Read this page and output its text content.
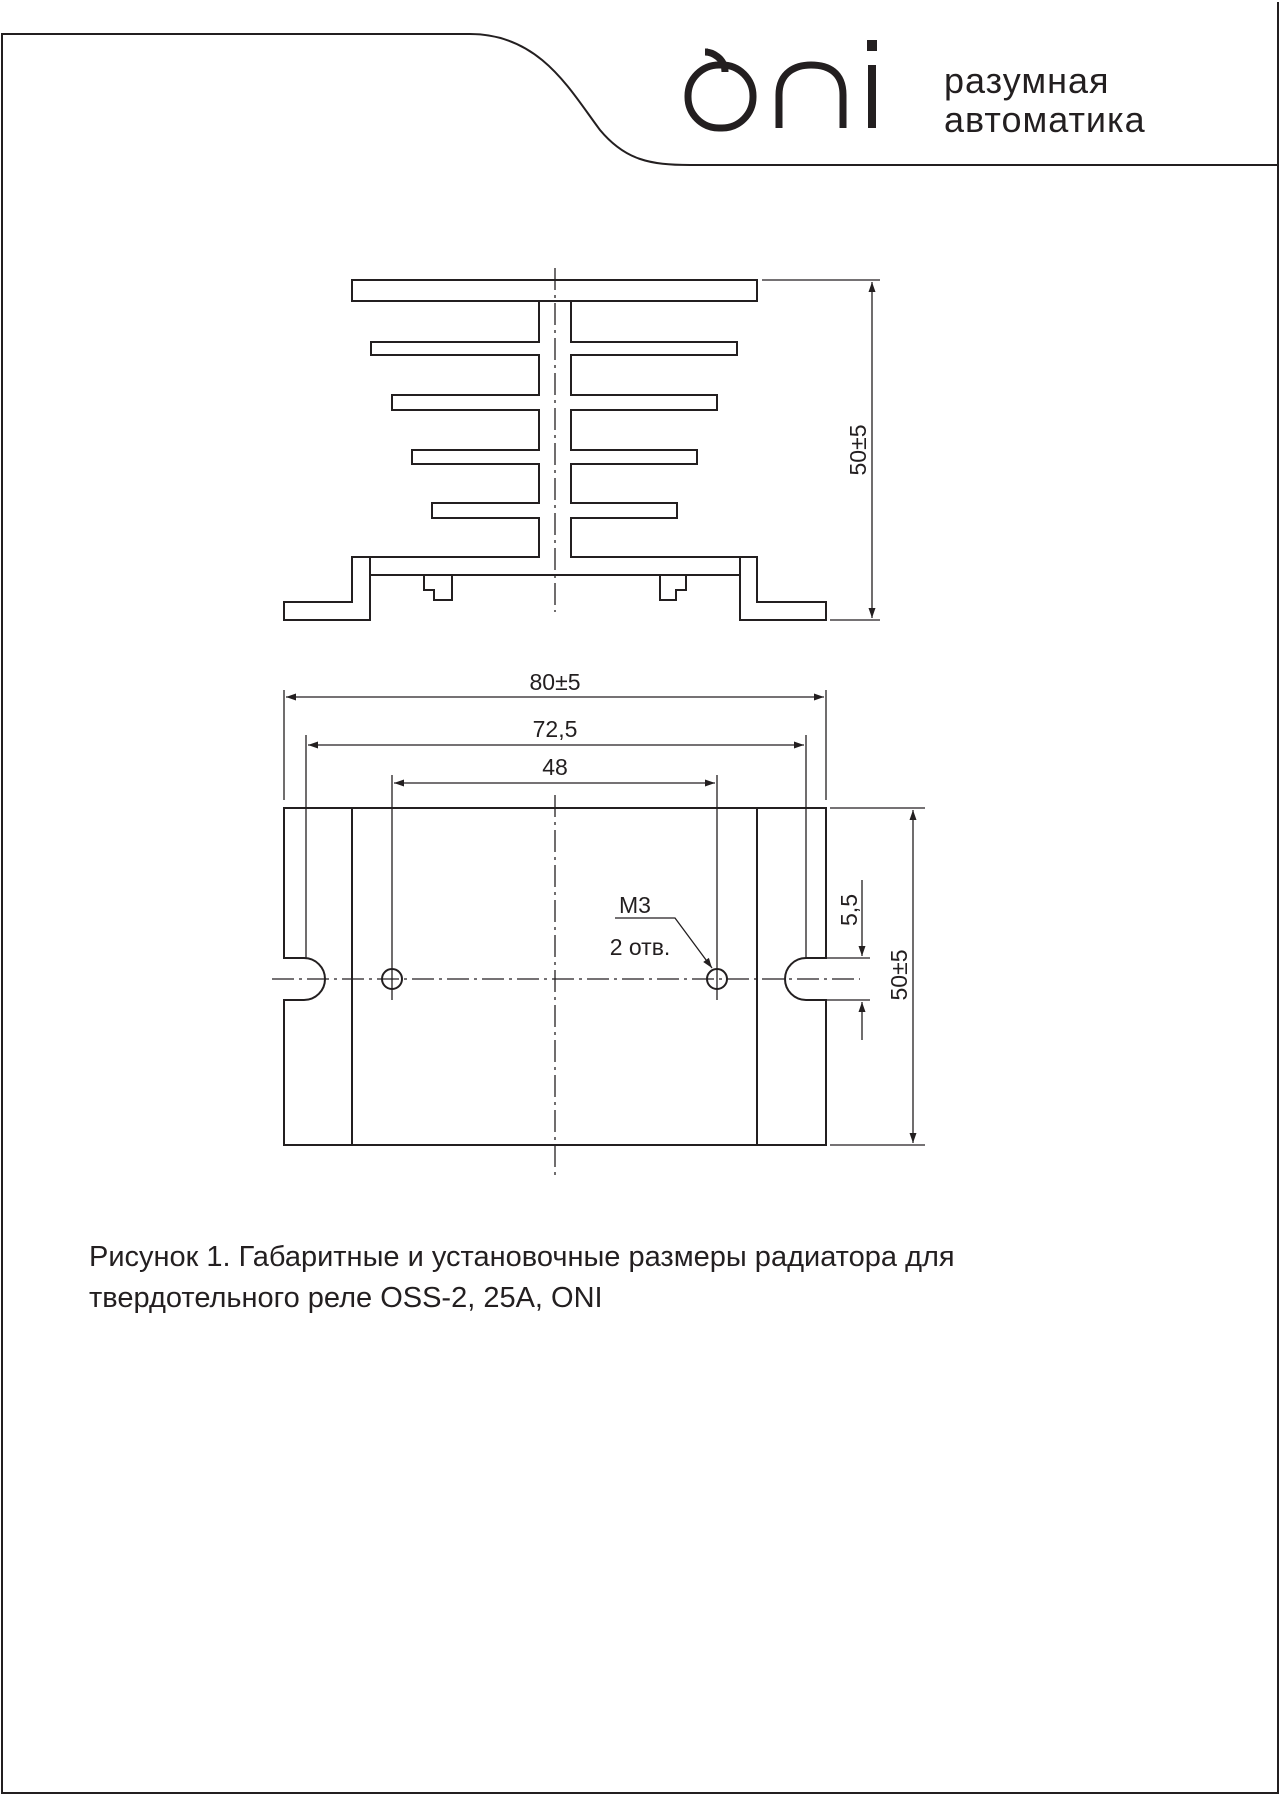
разумная
автоматика
50±5
80±5
72,5
48
М3
2 отв.
5,5
50±5

Рисунок 1. Габаритные и установочные размеры радиатора для
твердотельного реле OSS-2, 25A, ONI
